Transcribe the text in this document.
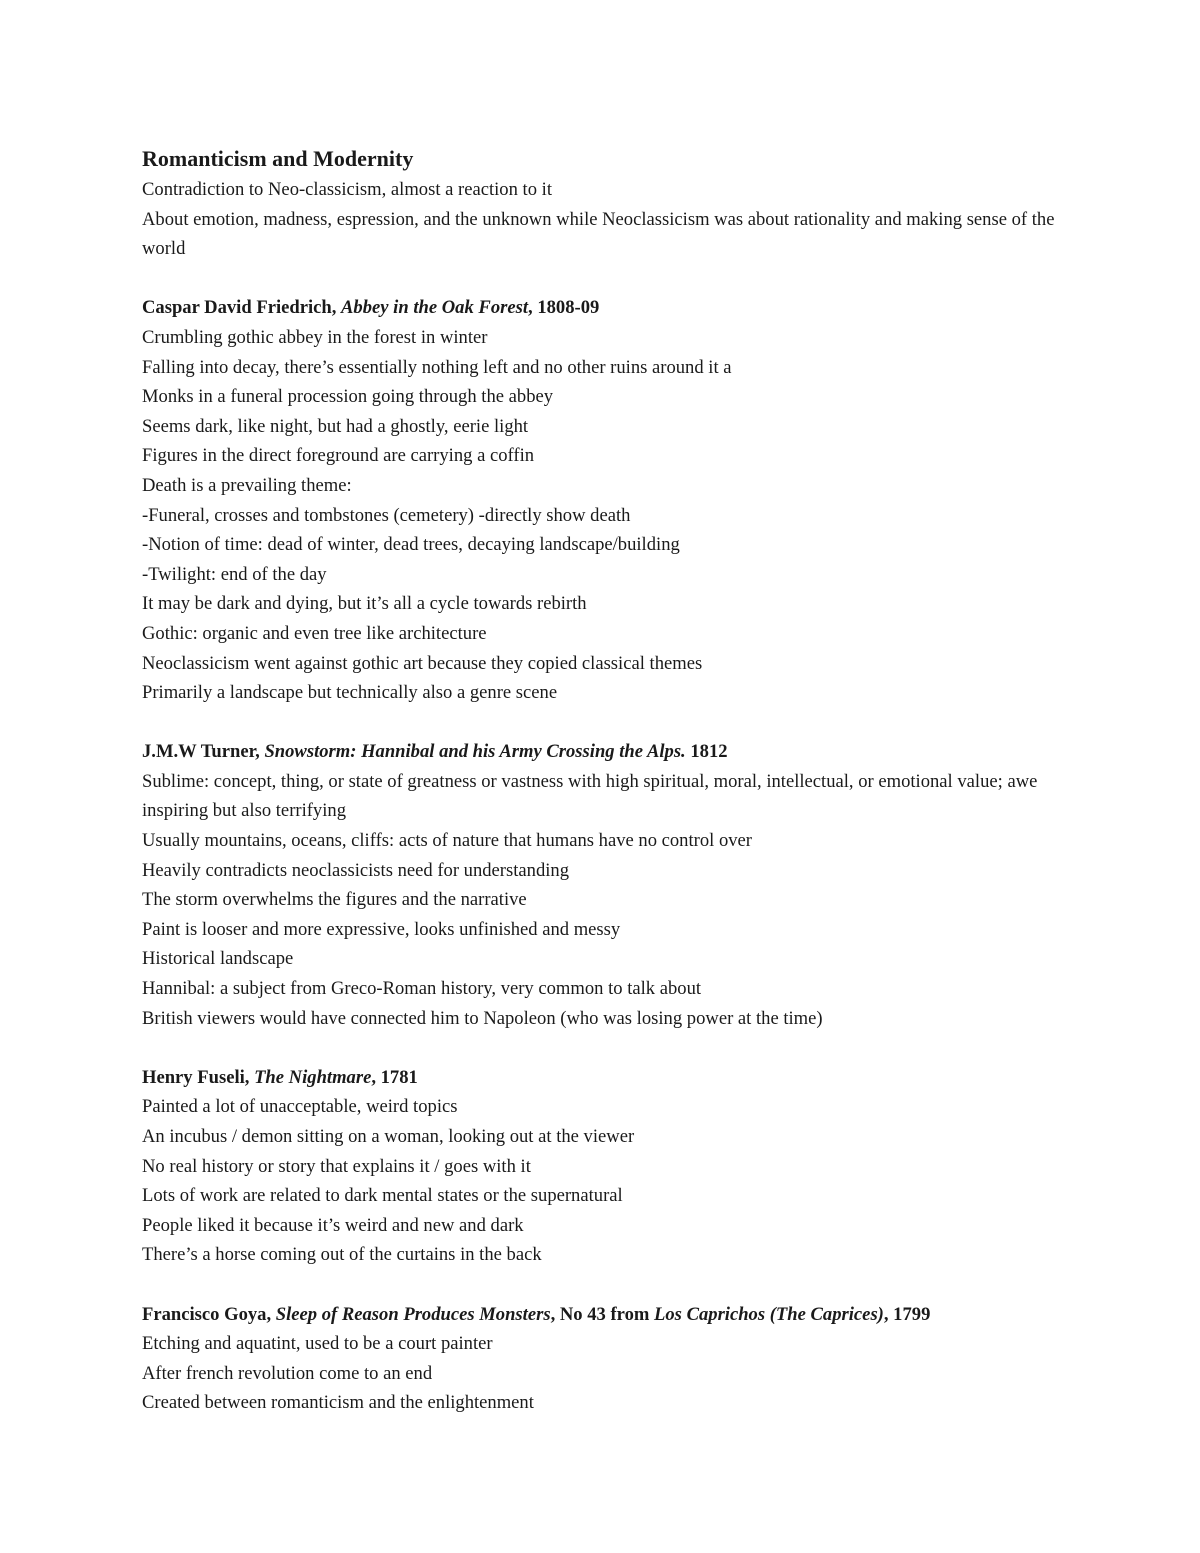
Romanticism and Modernity

Contradiction to Neo-classicism, almost a reaction to it

About emotion, madness, espression, and the unknown while Neoclassicism was about rationality and making sense of the world

Caspar David Friedrich, Abbey in the Oak Forest, 1808-09

Crumbling gothic abbey in the forest in winter

Falling into decay, there’s essentially nothing left and no other ruins around it a

Monks in a funeral procession going through the abbey

Seems dark, like night, but had a ghostly, eerie light

Figures in the direct foreground are carrying a coffin

Death is a prevailing theme:

-Funeral, crosses and tombstones (cemetery) -directly show death

-Notion of time: dead of winter, dead trees, decaying landscape/building

-Twilight: end of the day

It may be dark and dying, but it’s all a cycle towards rebirth

Gothic: organic and even tree like architecture

Neoclassicism went against gothic art because they copied classical themes

Primarily a landscape but technically also a genre scene

J.M.W Turner, Snowstorm: Hannibal and his Army Crossing the Alps. 1812

Sublime: concept, thing, or state of greatness or vastness with high spiritual, moral, intellectual, or emotional value; awe inspiring but also terrifying

Usually mountains, oceans, cliffs: acts of nature that humans have no control over

Heavily contradicts neoclassicists need for understanding

The storm overwhelms the figures and the narrative

Paint is looser and more expressive, looks unfinished and messy

Historical landscape

Hannibal: a subject from Greco-Roman history, very common to talk about

British viewers would have connected him to Napoleon (who was losing power at the time)

Henry Fuseli, The Nightmare, 1781

Painted a lot of unacceptable, weird topics

An incubus / demon sitting on a woman, looking out at the viewer

No real history or story that explains it / goes with it

Lots of work are related to dark mental states or the supernatural

People liked it because it’s weird and new and dark

There’s a horse coming out of the curtains in the back

Francisco Goya, Sleep of Reason Produces Monsters, No 43 from Los Caprichos (The Caprices), 1799

Etching and aquatint, used to be a court painter

After french revolution come to an end

Created between romanticism and the enlightenment
